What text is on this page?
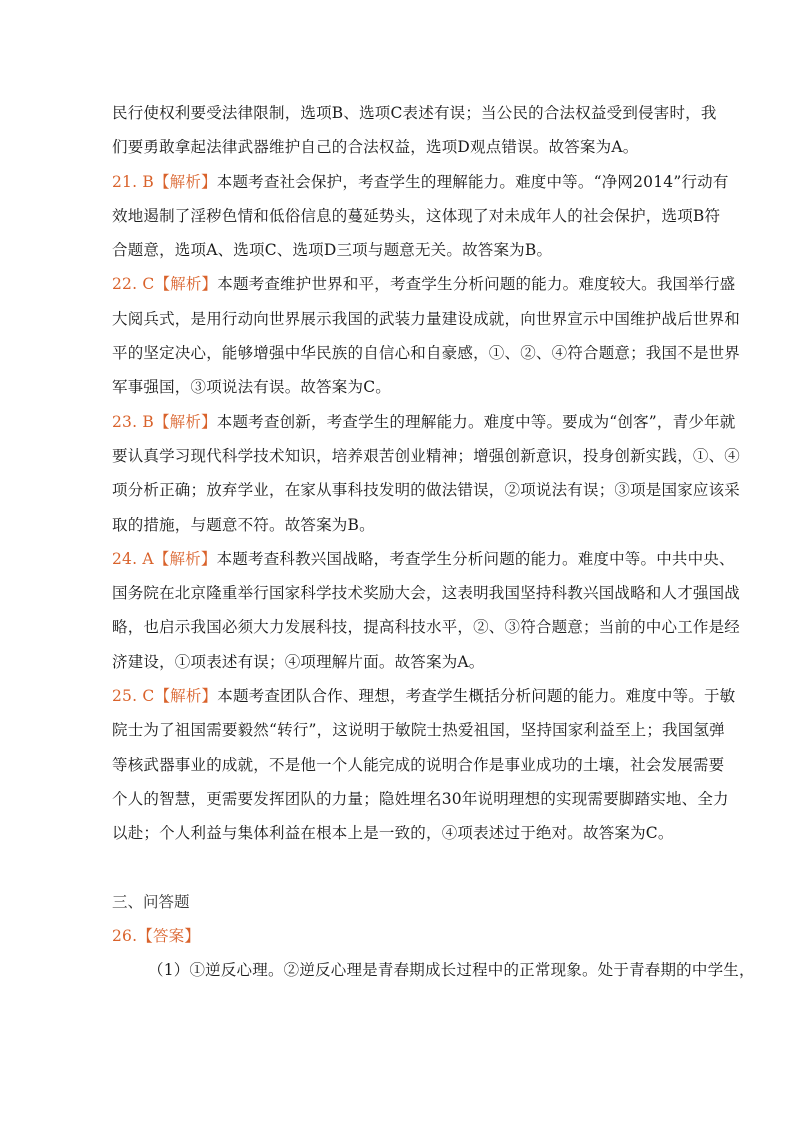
民行使权利要受法律限制，选项B、选项C表述有误；当公民的合法权益受到侵害时，我
们要勇敢拿起法律武器维护自己的合法权益，选项D观点错误。故答案为A。
21. B【解析】本题考查社会保护，考查学生的理解能力。难度中等。“净网2014”行动有
效地遏制了淫秽色情和低俗信息的蔓延势头，这体现了对未成年人的社会保护，选项B符
合题意，选项A、选项C、选项D三项与题意无关。故答案为B。
22. C【解析】本题考查维护世界和平，考查学生分析问题的能力。难度较大。我国举行盛
大阅兵式，是用行动向世界展示我国的武装力量建设成就，向世界宣示中国维护战后世界和
平的坚定决心，能够增强中华民族的自信心和自豪感，①、②、④符合题意；我国不是世界
军事强国，③项说法有误。故答案为C。
23. B【解析】本题考查创新，考查学生的理解能力。难度中等。要成为“创客”，青少年就
要认真学习现代科学技术知识，培养艰苦创业精神；增强创新意识，投身创新实践，①、④
项分析正确；放弃学业，在家从事科技发明的做法错误，②项说法有误；③项是国家应该采
取的措施，与题意不符。故答案为B。
24. A【解析】本题考查科教兴国战略，考查学生分析问题的能力。难度中等。中共中央、
国务院在北京隆重举行国家科学技术奖励大会，这表明我国坚持科教兴国战略和人才强国战
略，也启示我国必须大力发展科技，提高科技水平，②、③符合题意；当前的中心工作是经
济建设，①项表述有误；④项理解片面。故答案为A。
25. C【解析】本题考查团队合作、理想，考查学生概括分析问题的能力。难度中等。于敏
院士为了祖国需要毅然“转行”，这说明于敏院士热爱祖国，坚持国家利益至上；我国氢弹
等核武器事业的成就，不是他一个人能完成的说明合作是事业成功的土壤，社会发展需要
个人的智慧，更需要发挥团队的力量；隐姓埋名30年说明理想的实现需要脚踏实地、全力
以赴；个人利益与集体利益在根本上是一致的，④项表述过于绝对。故答案为C。
三、问答题
26.【答案】
（1）①逆反心理。②逆反心理是青春期成长过程中的正常现象。处于青春期的中学生，
